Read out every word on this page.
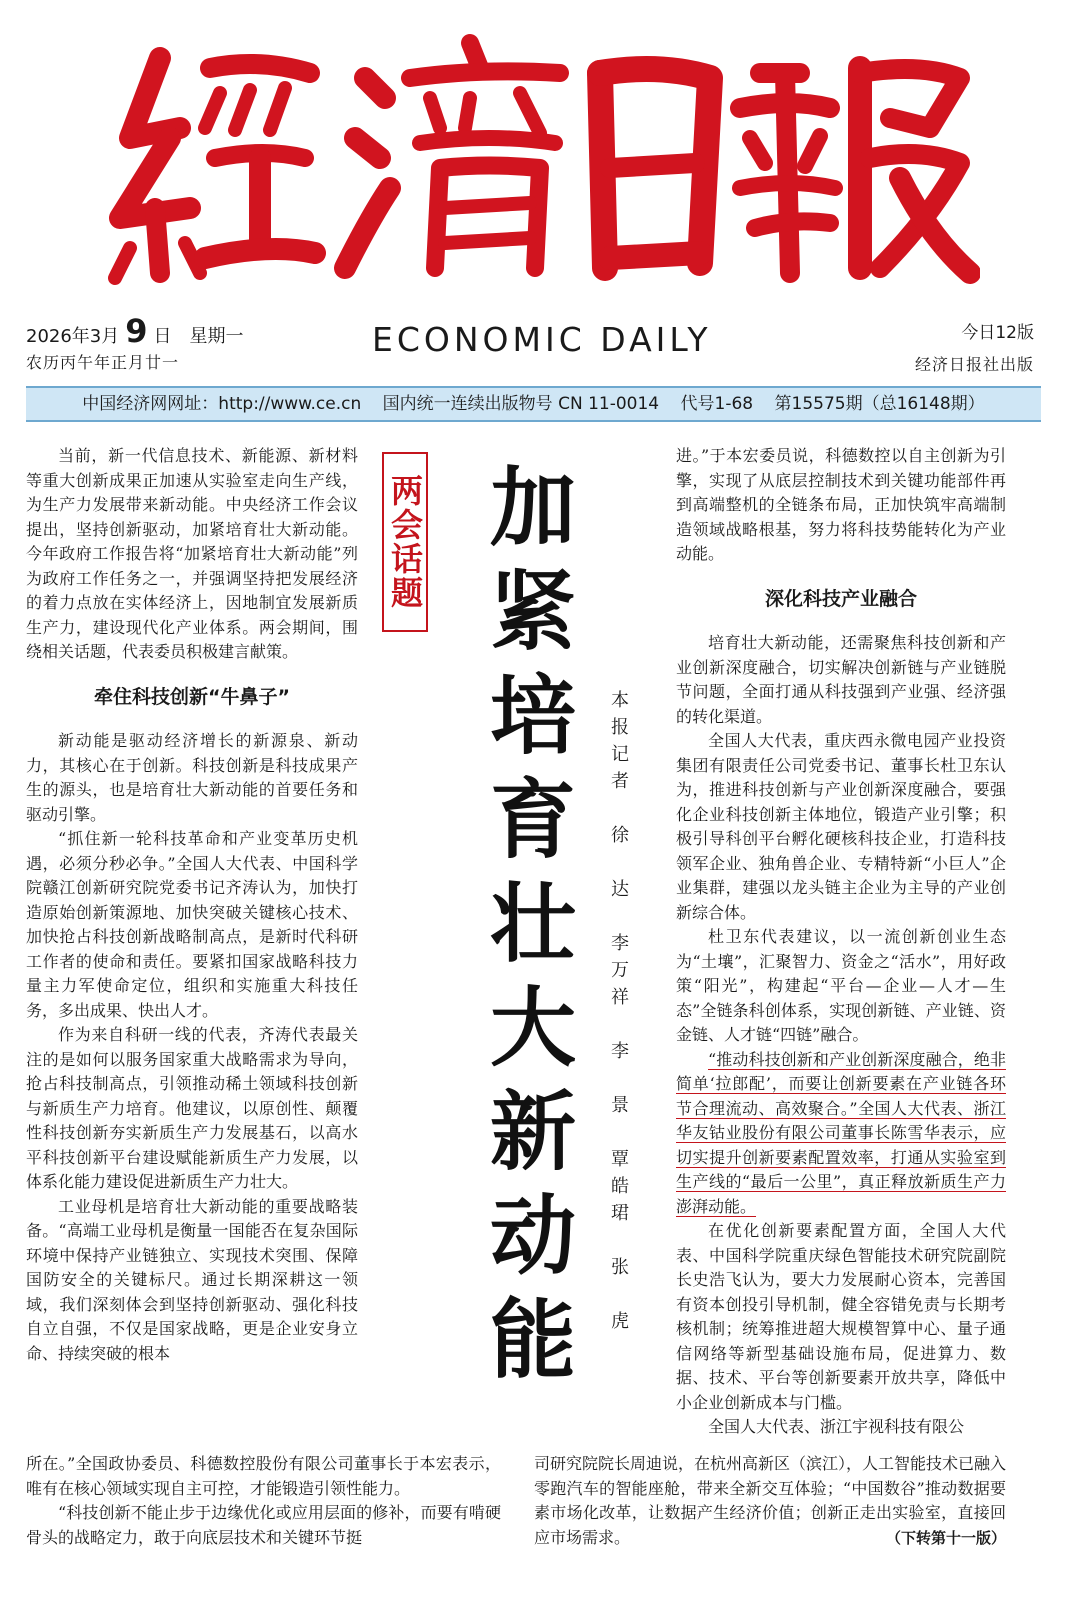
2026年3月 9 日　星期一
农历丙午年正月廿一
ECONOMIC DAILY	今日12版
经济日报社出版
中国经济网网址：http://www.ce.cn 国内统一连续出版物号 CN 11-0014 代号1-68 第15575期（总16148期）

当前，新一代信息技术、新能源、新材料等重大创新成果正加速从实验室走向生产线，为生产力发展带来新动能。中央经济工作会议提出，坚持创新驱动，加紧培育壮大新动能。今年政府工作报告将“加紧培育壮大新动能”列为政府工作任务之一，并强调坚持把发展经济的着力点放在实体经济上，因地制宜发展新质生产力，建设现代化产业体系。两会期间，围绕相关话题，代表委员积极建言献策。

牵住科技创新“牛鼻子”

新动能是驱动经济增长的新源泉、新动力，其核心在于创新。科技创新是科技成果产生的源头，也是培育壮大新动能的首要任务和驱动引擎。

“抓住新一轮科技革命和产业变革历史机遇，必须分秒必争。”全国人大代表、中国科学院赣江创新研究院党委书记齐涛认为，加快打造原始创新策源地、加快突破关键核心技术、加快抢占科技创新战略制高点，是新时代科研工作者的使命和责任。要紧扣国家战略科技力量主力军使命定位，组织和实施重大科技任务，多出成果、快出人才。

作为来自科研一线的代表，齐涛代表最关注的是如何以服务国家重大战略需求为导向，抢占科技制高点，引领推动稀土领域科技创新与新质生产力培育。他建议，以原创性、颠覆性科技创新夯实新质生产力发展基石，以高水平科技创新平台建设赋能新质生产力发展，以体系化能力建设促进新质生产力壮大。

工业母机是培育壮大新动能的重要战略装备。“高端工业母机是衡量一国能否在复杂国际环境中保持产业链独立、实现技术突围、保障国防安全的关键标尺。通过长期深耕这一领域，我们深刻体会到坚持创新驱动、强化科技自立自强，不仅是国家战略，更是企业安身立命、持续突破的根本

两会话题 加紧培育壮大新动能	本报记者　徐　达　李万祥　李　景　覃皓珺　张　虎

进。”于本宏委员说，科德数控以自主创新为引擎，实现了从底层控制技术到关键功能部件再到高端整机的全链条布局，正加快筑牢高端制造领域战略根基，努力将科技势能转化为产业动能。

深化科技产业融合

培育壮大新动能，还需聚焦科技创新和产业创新深度融合，切实解决创新链与产业链脱节问题，全面打通从科技强到产业强、经济强的转化渠道。

全国人大代表，重庆西永微电园产业投资集团有限责任公司党委书记、董事长杜卫东认为，推进科技创新与产业创新深度融合，要强化企业科技创新主体地位，锻造产业引擎；积极引导科创平台孵化硬核科技企业，打造科技领军企业、独角兽企业、专精特新“小巨人”企业集群，建强以龙头链主企业为主导的产业创新综合体。

杜卫东代表建议，以一流创新创业生态为“土壤”，汇聚智力、资金之“活水”，用好政策“阳光”，构建起“平台—企业—人才—生态”全链条科创体系，实现创新链、产业链、资金链、人才链“四链”融合。

“推动科技创新和产业创新深度融合，绝非简单‘拉郎配’，而要让创新要素在产业链各环节合理流动、高效聚合。”全国人大代表、浙江华友钴业股份有限公司董事长陈雪华表示，应切实提升创新要素配置效率，打通从实验室到生产线的“最后一公里”，真正释放新质生产力澎湃动能。

在优化创新要素配置方面，全国人大代表、中国科学院重庆绿色智能技术研究院副院长史浩飞认为，要大力发展耐心资本，完善国有资本创投引导机制，健全容错免责与长期考核机制；统筹推进超大规模智算中心、量子通信网络等新型基础设施布局，促进算力、数据、技术、平台等创新要素开放共享，降低中小企业创新成本与门槛。

全国人大代表、浙江宇视科技有限公

所在。”全国政协委员、科德数控股份有限公司董事长于本宏表示，唯有在核心领域实现自主可控，才能锻造引领性能力。

“科技创新不能止步于边缘优化或应用层面的修补，而要有啃硬骨头的战略定力，敢于向底层技术和关键环节挺

司研究院院长周迪说，在杭州高新区（滨江），人工智能技术已融入零跑汽车的智能座舱，带来全新交互体验；“中国数谷”推动数据要素市场化改革，让数据产生经济价值；创新正走出实验室，直接回应市场需求。	（下转第十一版）
